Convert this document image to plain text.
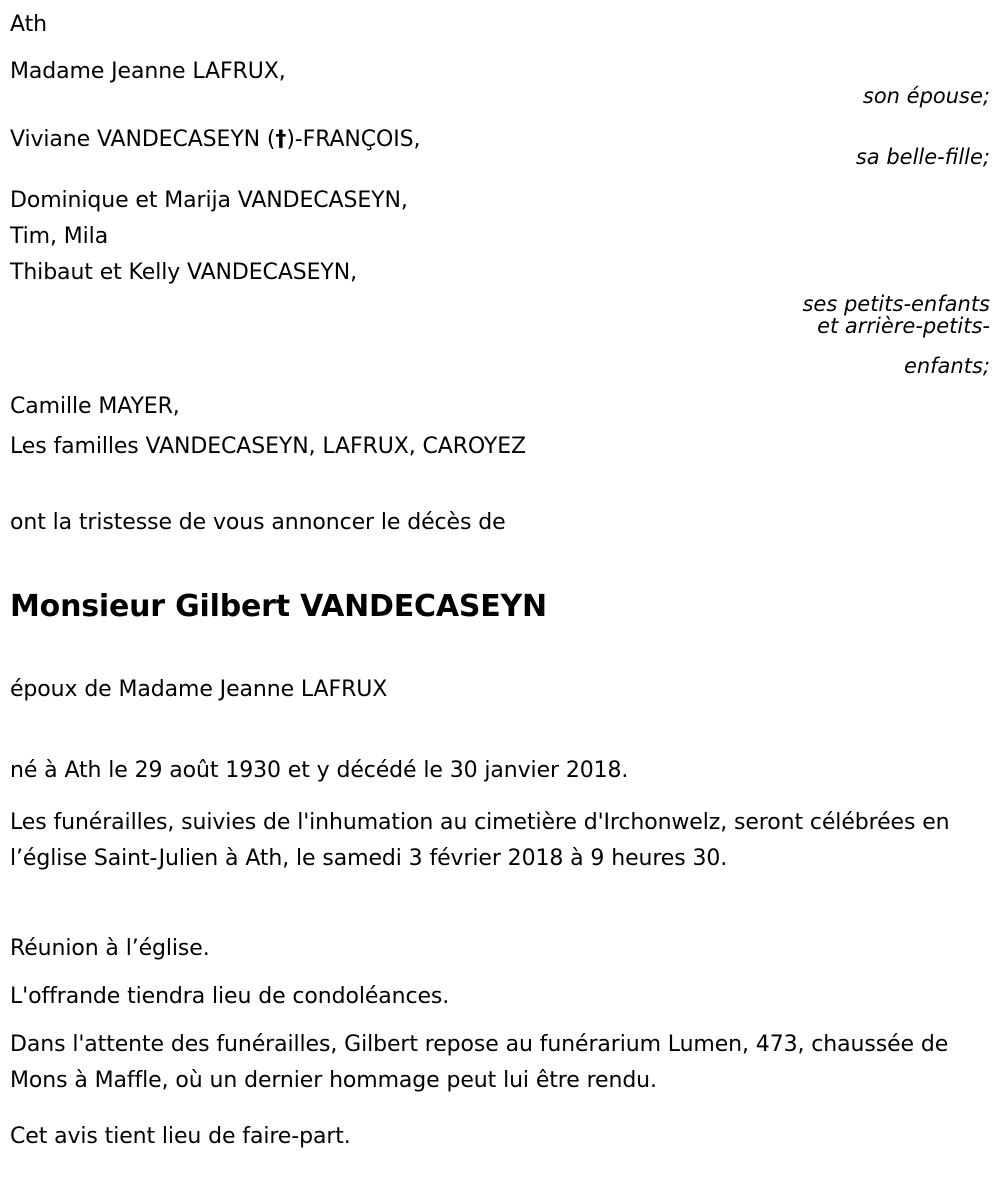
Ath
Madame Jeanne LAFRUX,
son épouse;
Viviane VANDECASEYN (†)-FRANÇOIS,
sa belle-fille;
Dominique et Marija VANDECASEYN,
Tim, Mila
Thibaut et Kelly VANDECASEYN,
ses petits-enfants
et arrière-petits-
enfants;
Camille MAYER,
Les familles VANDECASEYN, LAFRUX, CAROYEZ
ont la tristesse de vous annoncer le décès de
Monsieur Gilbert VANDECASEYN
époux de Madame Jeanne LAFRUX
né à Ath le 29 août 1930 et y décédé le 30 janvier 2018.
Les funérailles, suivies de l'inhumation au cimetière d'Irchonwelz, seront célébrées en l’église Saint-Julien à Ath, le samedi 3 février 2018 à 9 heures 30.
Réunion à l’église.
L'offrande tiendra lieu de condoléances.
Dans l'attente des funérailles, Gilbert repose au funérarium Lumen, 473, chaussée de Mons à Maffle, où un dernier hommage peut lui être rendu.
Cet avis tient lieu de faire-part.
